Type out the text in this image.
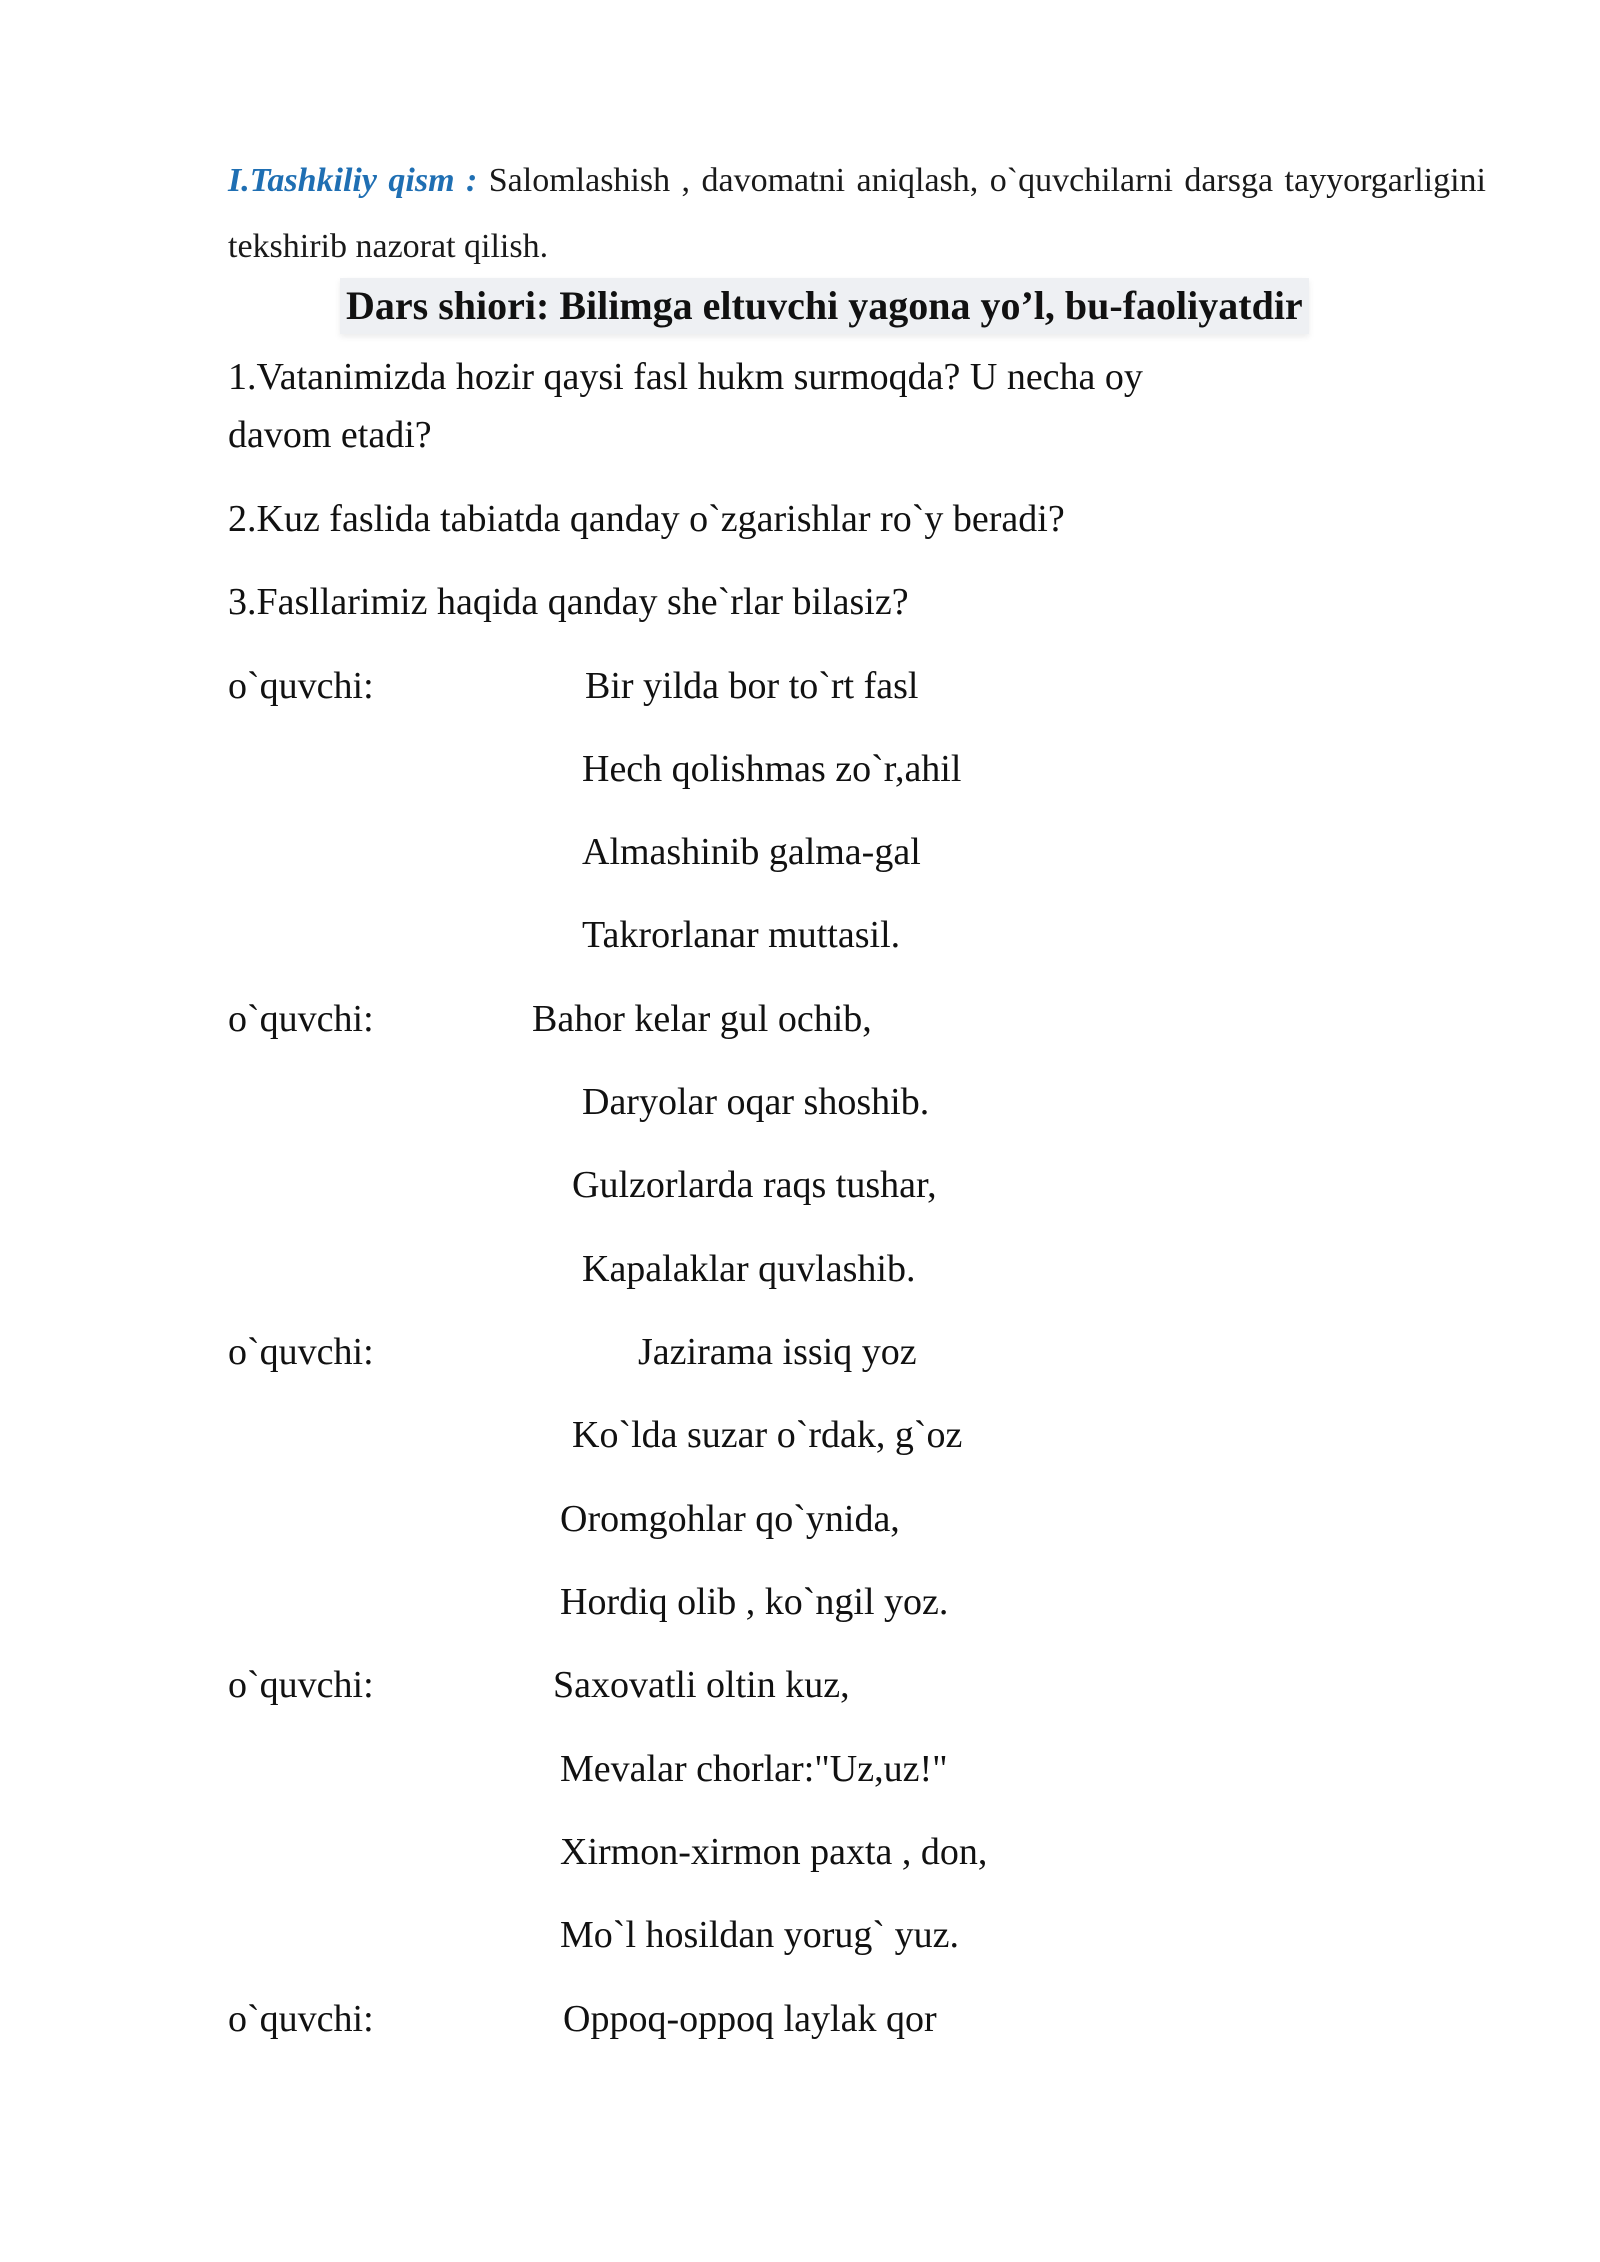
I.Tashkiliy qism : Salomlashish , davomatni aniqlash, o`quvchilarni darsga tayyorgarligini tekshirib nazorat qilish.
Dars shiori: Bilimga eltuvchi yagona yo’l, bu-faoliyatdir
1.Vatanimizda hozir qaysi fasl hukm surmoqda? U necha oy
davom etadi?
2.Kuz faslida tabiatda qanday o`zgarishlar ro`y beradi?
3.Fasllarimiz haqida qanday she`rlar bilasiz?
o`quvchi:	Bir yilda bor to`rt fasl
Hech qolishmas zo`r,ahil
Almashinib galma-gal
Takrorlanar muttasil.
o`quvchi:	Bahor kelar gul ochib,
Daryolar oqar shoshib.
Gulzorlarda raqs tushar,
Kapalaklar quvlashib.
o`quvchi:	Jazirama issiq yoz
Ko`lda suzar o`rdak, g`oz
Oromgohlar qo`ynida,
Hordiq olib , ko`ngil yoz.
o`quvchi:	Saxovatli oltin kuz,
Mevalar chorlar:"Uz,uz!"
Xirmon-xirmon paxta , don,
Mo`l hosildan yorug` yuz.
o`quvchi:	Oppoq-oppoq laylak qor
